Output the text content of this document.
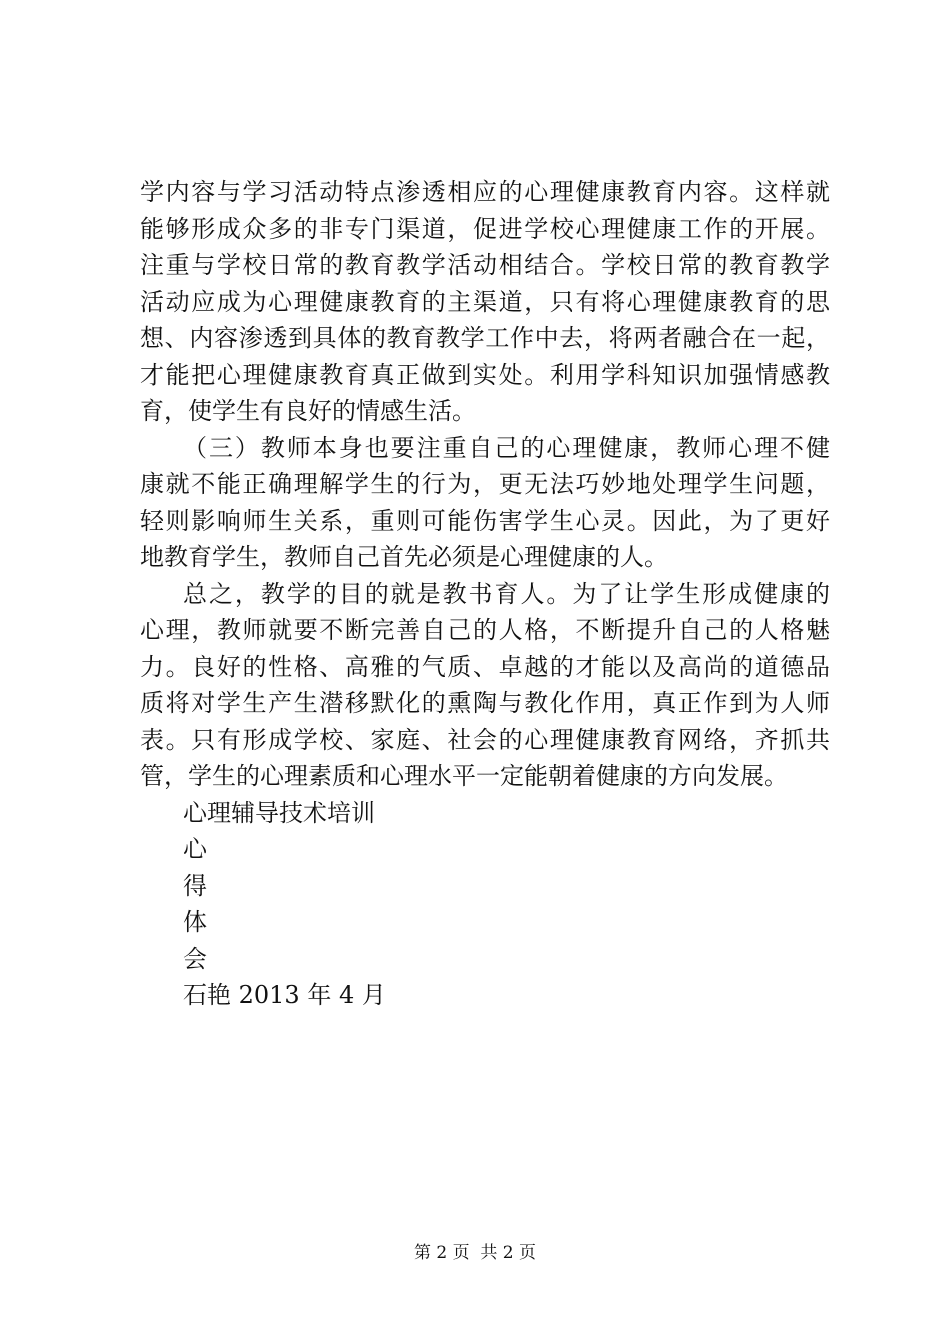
学内容与学习活动特点渗透相应的心理健康教育内容。这样就
能够形成众多的非专门渠道，促进学校心理健康工作的开展。
注重与学校日常的教育教学活动相结合。学校日常的教育教学
活动应成为心理健康教育的主渠道，只有将心理健康教育的思
想、内容渗透到具体的教育教学工作中去，将两者融合在一起，
才能把心理健康教育真正做到实处。利用学科知识加强情感教
育，使学生有良好的情感生活。
（三）教师本身也要注重自己的心理健康，教师心理不健
康就不能正确理解学生的行为，更无法巧妙地处理学生问题，
轻则影响师生关系，重则可能伤害学生心灵。因此，为了更好
地教育学生，教师自己首先必须是心理健康的人。
总之，教学的目的就是教书育人。为了让学生形成健康的
心理，教师就要不断完善自己的人格，不断提升自己的人格魅
力。良好的性格、高雅的气质、卓越的才能以及高尚的道德品
质将对学生产生潜移默化的熏陶与教化作用，真正作到为人师
表。只有形成学校、家庭、社会的心理健康教育网络，齐抓共
管，学生的心理素质和心理水平一定能朝着健康的方向发展。
心理辅导技术培训
心
得
体
会
石艳 2013 年 4 月
第 2 页  共 2 页
